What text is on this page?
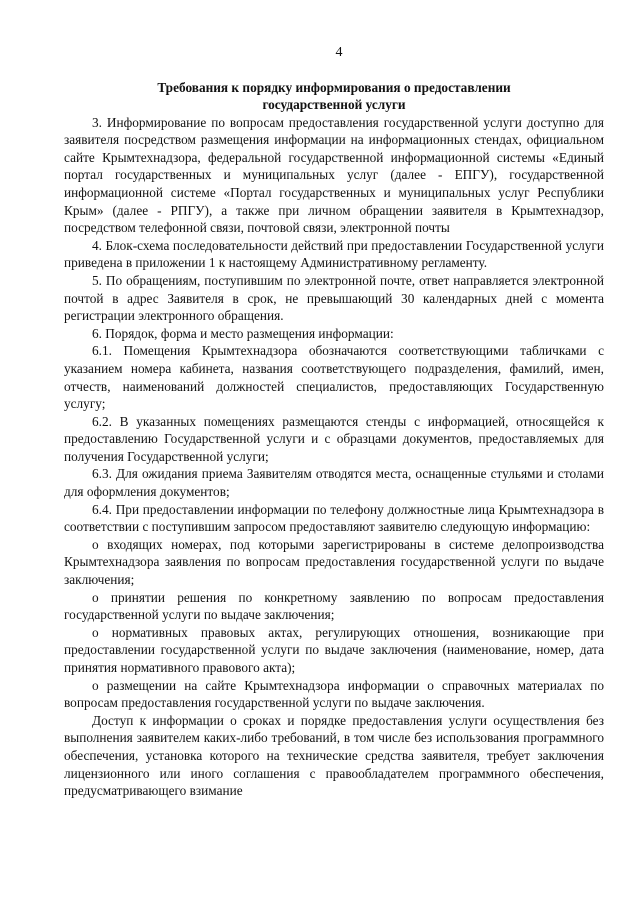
4
Требования к порядку информирования о предоставлении
государственной услуги

3. Информирование по вопросам предоставления государственной услуги доступно для заявителя посредством размещения информации на информационных стендах, официальном сайте Крымтехнадзора, федеральной государственной информационной системы «Единый портал государственных и муниципальных услуг (далее - ЕПГУ), государственной информационной системе «Портал государственных и муниципальных услуг Республики Крым» (далее - РПГУ), а также при личном обращении заявителя в Крымтехнадзор, посредством телефонной связи, почтовой связи, электронной почты

4. Блок-схема последовательности действий при предоставлении Государственной услуги приведена в приложении 1 к настоящему Административному регламенту.

5. По обращениям, поступившим по электронной почте, ответ направляется электронной почтой в адрес Заявителя в срок, не превышающий 30 календарных дней с момента регистрации электронного обращения.

6. Порядок, форма и место размещения информации:

6.1. Помещения Крымтехнадзора обозначаются соответствующими табличками с указанием номера кабинета, названия соответствующего подразделения, фамилий, имен, отчеств, наименований должностей специалистов, предоставляющих Государственную услугу;

6.2. В указанных помещениях размещаются стенды с информацией, относящейся к предоставлению Государственной услуги и с образцами документов, предоставляемых для получения Государственной услуги;

6.3. Для ожидания приема Заявителям отводятся места, оснащенные стульями и столами для оформления документов;

6.4. При предоставлении информации по телефону должностные лица Крымтехнадзора в соответствии с поступившим запросом предоставляют заявителю следующую информацию:

о входящих номерах, под которыми зарегистрированы в системе делопроизводства Крымтехнадзора заявления по вопросам предоставления государственной услуги по выдаче заключения;

о принятии решения по конкретному заявлению по вопросам предоставления государственной услуги по выдаче заключения;

о нормативных правовых актах, регулирующих отношения, возникающие при предоставлении государственной услуги по выдаче заключения (наименование, номер, дата принятия нормативного правового акта);

о размещении на сайте Крымтехнадзора информации о справочных материалах по вопросам предоставления государственной услуги по выдаче заключения.

Доступ к информации о сроках и порядке предоставления услуги осуществления без выполнения заявителем каких-либо требований, в том числе без использования программного обеспечения, установка которого на технические средства заявителя, требует заключения лицензионного или иного соглашения с правообладателем программного обеспечения, предусматривающего взимание
